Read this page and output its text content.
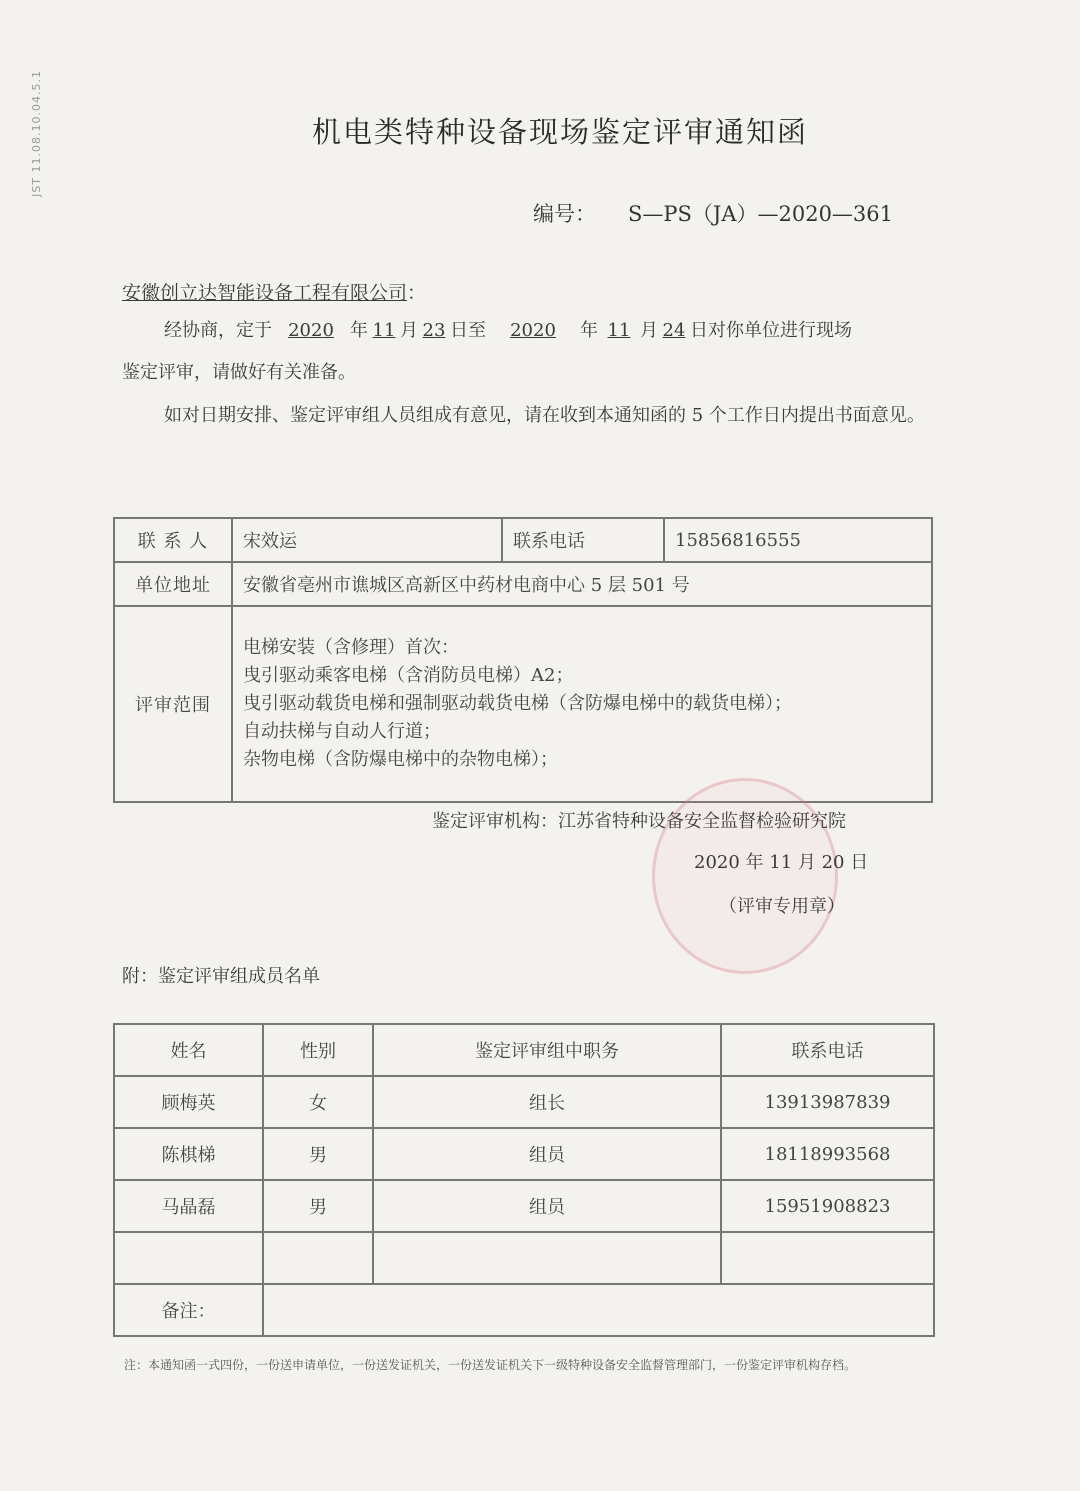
JST 11.08.10.04.5.1	机电类特种设备现场鉴定评审通知函
编号： S—PS（JA）—2020—361
安徽创立达智能设备工程有限公司：
经协商，定于 2020 年 11 月 23 日至 2020 年 11 月 24 日对你单位进行现场
鉴定评审，请做好有关准备。
如对日期安排、鉴定评审组人员组成有意见，请在收到本通知函的 5 个工作日内提出书面意见。
联 系 人	宋效运	联系电话	15856816555
单位地址	安徽省亳州市谯城区高新区中药材电商中心 5 层 501 号		
评审范围	电梯安装（含修理）首次：
曳引驱动乘客电梯（含消防员电梯）A2；
曳引驱动载货电梯和强制驱动载货电梯（含防爆电梯中的载货电梯）；
自动扶梯与自动人行道；
杂物电梯（含防爆电梯中的杂物电梯）；		
鉴定评审机构：江苏省特种设备安全监督检验研究院
2020 年 11 月 20 日
（评审专用章）
附：鉴定评审组成员名单
姓名	性别	鉴定评审组中职务	联系电话
顾梅英	女	组长	13913987839
陈棋梯	男	组员	18118993568
马晶磊	男	组员	15951908823

备注：			
注：本通知函一式四份，一份送申请单位，一份送发证机关，一份送发证机关下一级特种设备安全监督管理部门，一份鉴定评审机构存档。
